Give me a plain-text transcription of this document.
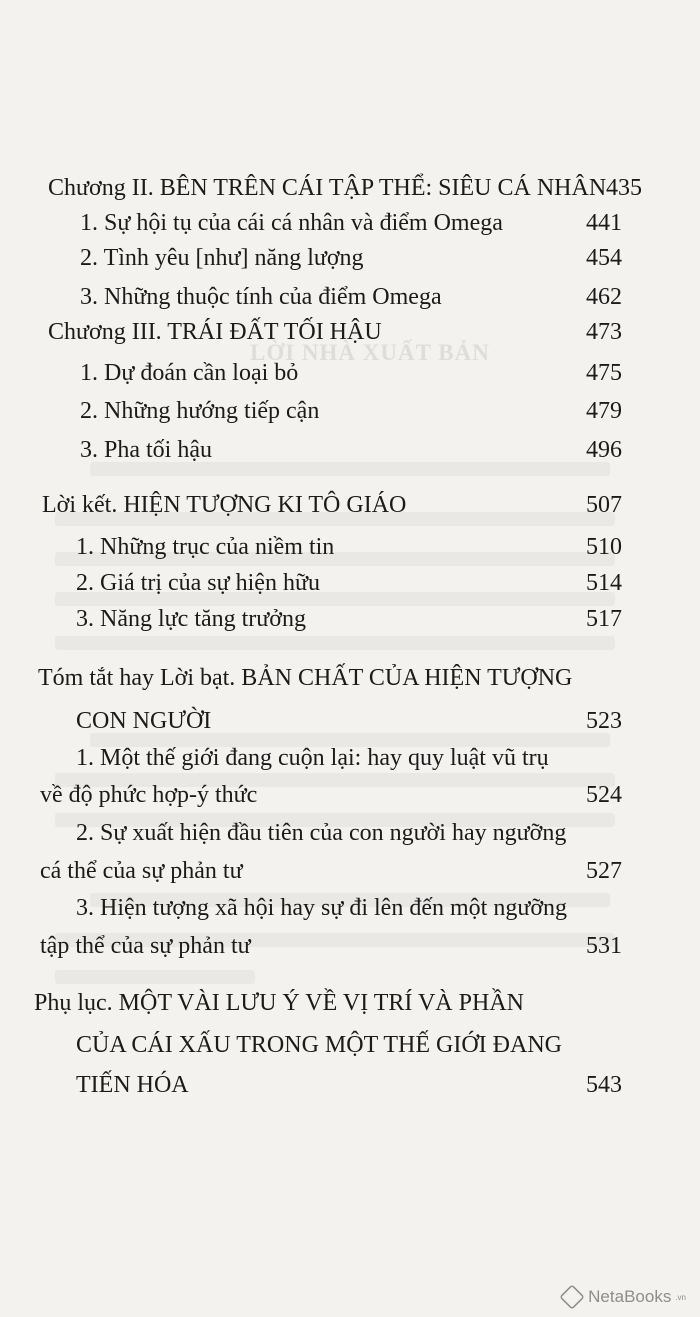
LỜI NHÀ XUẤT BẢN
Chương II. BÊN TRÊN CÁI TẬP THỂ: SIÊU CÁ NHÂN 435
1. Sự hội tụ của cái cá nhân và điểm Omega	441
2. Tình yêu [như] năng lượng	454
3. Những thuộc tính của điểm Omega	462
Chương III. TRÁI ĐẤT TỐI HẬU	473
1. Dự đoán cần loại bỏ	475
2. Những hướng tiếp cận	479
3. Pha tối hậu	496
Lời kết. HIỆN TƯỢNG KI TÔ GIÁO	507
1. Những trục của niềm tin	510
2. Giá trị của sự hiện hữu	514
3. Năng lực tăng trưởng	517
Tóm tắt hay Lời bạt. BẢN CHẤT CỦA HIỆN TƯỢNG
CON NGƯỜI	523
1. Một thế giới đang cuộn lại: hay quy luật vũ trụ
về độ phức hợp-ý thức	524
2. Sự xuất hiện đầu tiên của con người hay ngưỡng
cá thể của sự phản tư	527
3. Hiện tượng xã hội hay sự đi lên đến một ngưỡng
tập thể của sự phản tư	531
Phụ lục. MỘT VÀI LƯU Ý VỀ VỊ TRÍ VÀ PHẦN
CỦA CÁI XẤU TRONG MỘT THẾ GIỚI ĐANG
TIẾN HÓA	543
NetaBooks .vn
